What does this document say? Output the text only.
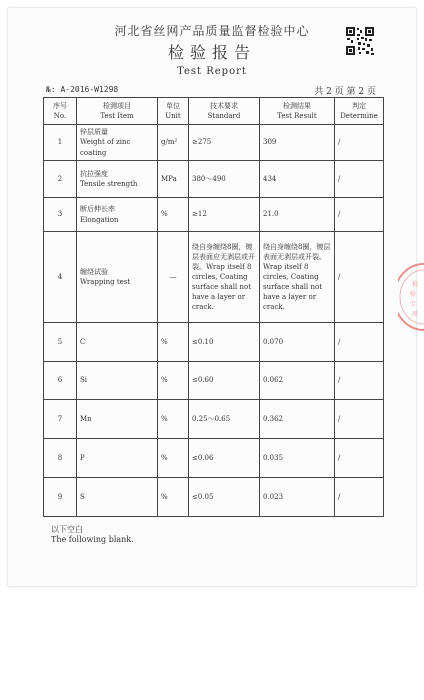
河北省丝网产品质量监督检验中心
检验报告
Test Report
№: A-2016-W1298	共 2 页 第 2 页
序号
No.	检测项目
Test Item	单位
Unit	技术要求
Standard	检测结果
Test Result	判定
Determine

1	锌层质量
Weight of zinc coating	g/m²	≥275	309	/
2	抗拉强度
Tensile strength	MPa	380～490	434	/
3	断后伸长率
Elongation	%	≥12	21.0	/
4	缠绕试验
Wrapping test	—	绕自身缠绕8圈，镀层表面应无剥层或开裂。Wrap itself 8 circles, Coating surface shall not have a layer or crack.	绕自身缠绕8圈，镀层表面无剥层或开裂。Wrap itself 8 circles, Coating surface shall not have a layer or crack.	/
5	C	%	≤0.10	0.070	/
6	Si	%	≤0.60	0.062	/
7	Mn	%	0.25～0.65	0.362	/
8	P	%	≤0.06	0.035	/
9	S	%	≤0.05	0.023	/
以下空白
The following blank.
检
验
专
用
